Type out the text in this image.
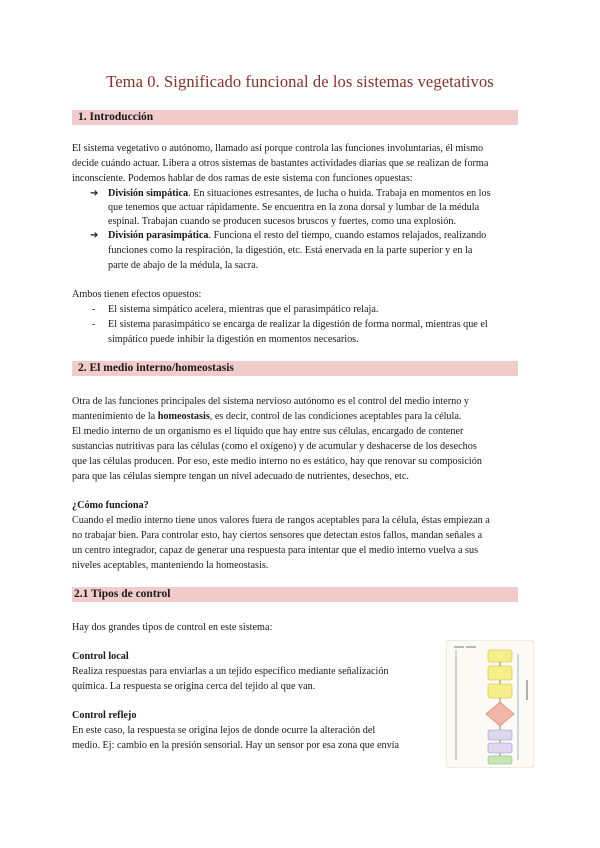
Tema 0. Significado funcional de los sistemas vegetativos
1. Introducción
El sistema vegetativo o autónomo, llamado así porque controla las funciones involuntarias, él mismo
decide cuándo actuar. Libera a otros sistemas de bastantes actividades diarias que se realizan de forma
inconsciente. Podemos hablar de dos ramas de este sistema con funciones opuestas:
➔ División simpática. En situaciones estresantes, de lucha o huida. Trabaja en momentos en los
que tenemos que actuar rápidamente. Se encuentra en la zona dorsal y lumbar de la médula
espinal. Trabajan cuando se producen sucesos bruscos y fuertes, como una explosión.
➔ División parasimpática. Funciona el resto del tiempo, cuando estamos relajados, realizando
funciones como la respiración, la digestión, etc. Está enervada en la parte superior y en la
parte de abajo de la médula, la sacra.
Ambos tienen efectos opuestos:
- El sistema simpático acelera, mientras que el parasimpático relaja.
- El sistema parasimpático se encarga de realizar la digestión de forma normal, mientras que el
simpático puede inhibir la digestión en momentos necesarios.
2. El medio interno/homeostasis
Otra de las funciones principales del sistema nervioso autónomo es el control del medio interno y
mantenimiento de la homeostasis, es decir, control de las condiciones aceptables para la célula.
El medio interno de un organismo es el líquido que hay entre sus células, encargado de contener
sustancias nutritivas para las células (como el oxígeno) y de acumular y deshacerse de los desechos
que las células producen. Por eso, este medio interno no es estático, hay que renovar su composición
para que las células siempre tengan un nivel adecuado de nutrientes, desechos, etc.
¿Cómo funciona?
Cuando el medio interno tiene unos valores fuera de rangos aceptables para la célula, éstas empiezan a
no trabajar bien. Para controlar esto, hay ciertos sensores que detectan estos fallos, mandan señales a
un centro integrador, capaz de generar una respuesta para intentar que el medio interno vuelva a sus
niveles aceptables, manteniendo la homeostasis.
2.1 Tipos de control
Hay dos grandes tipos de control en este sistema:
Control local
Realiza respuestas para enviarlas a un tejido específico mediante señalización
química. La respuesta se origina cerca del tejido al que van.
Control reflejo
En este caso, la respuesta se origina lejos de donde ocurre la alteración del
medio. Ej: cambio en la presión sensorial. Hay un sensor por esa zona que envía
